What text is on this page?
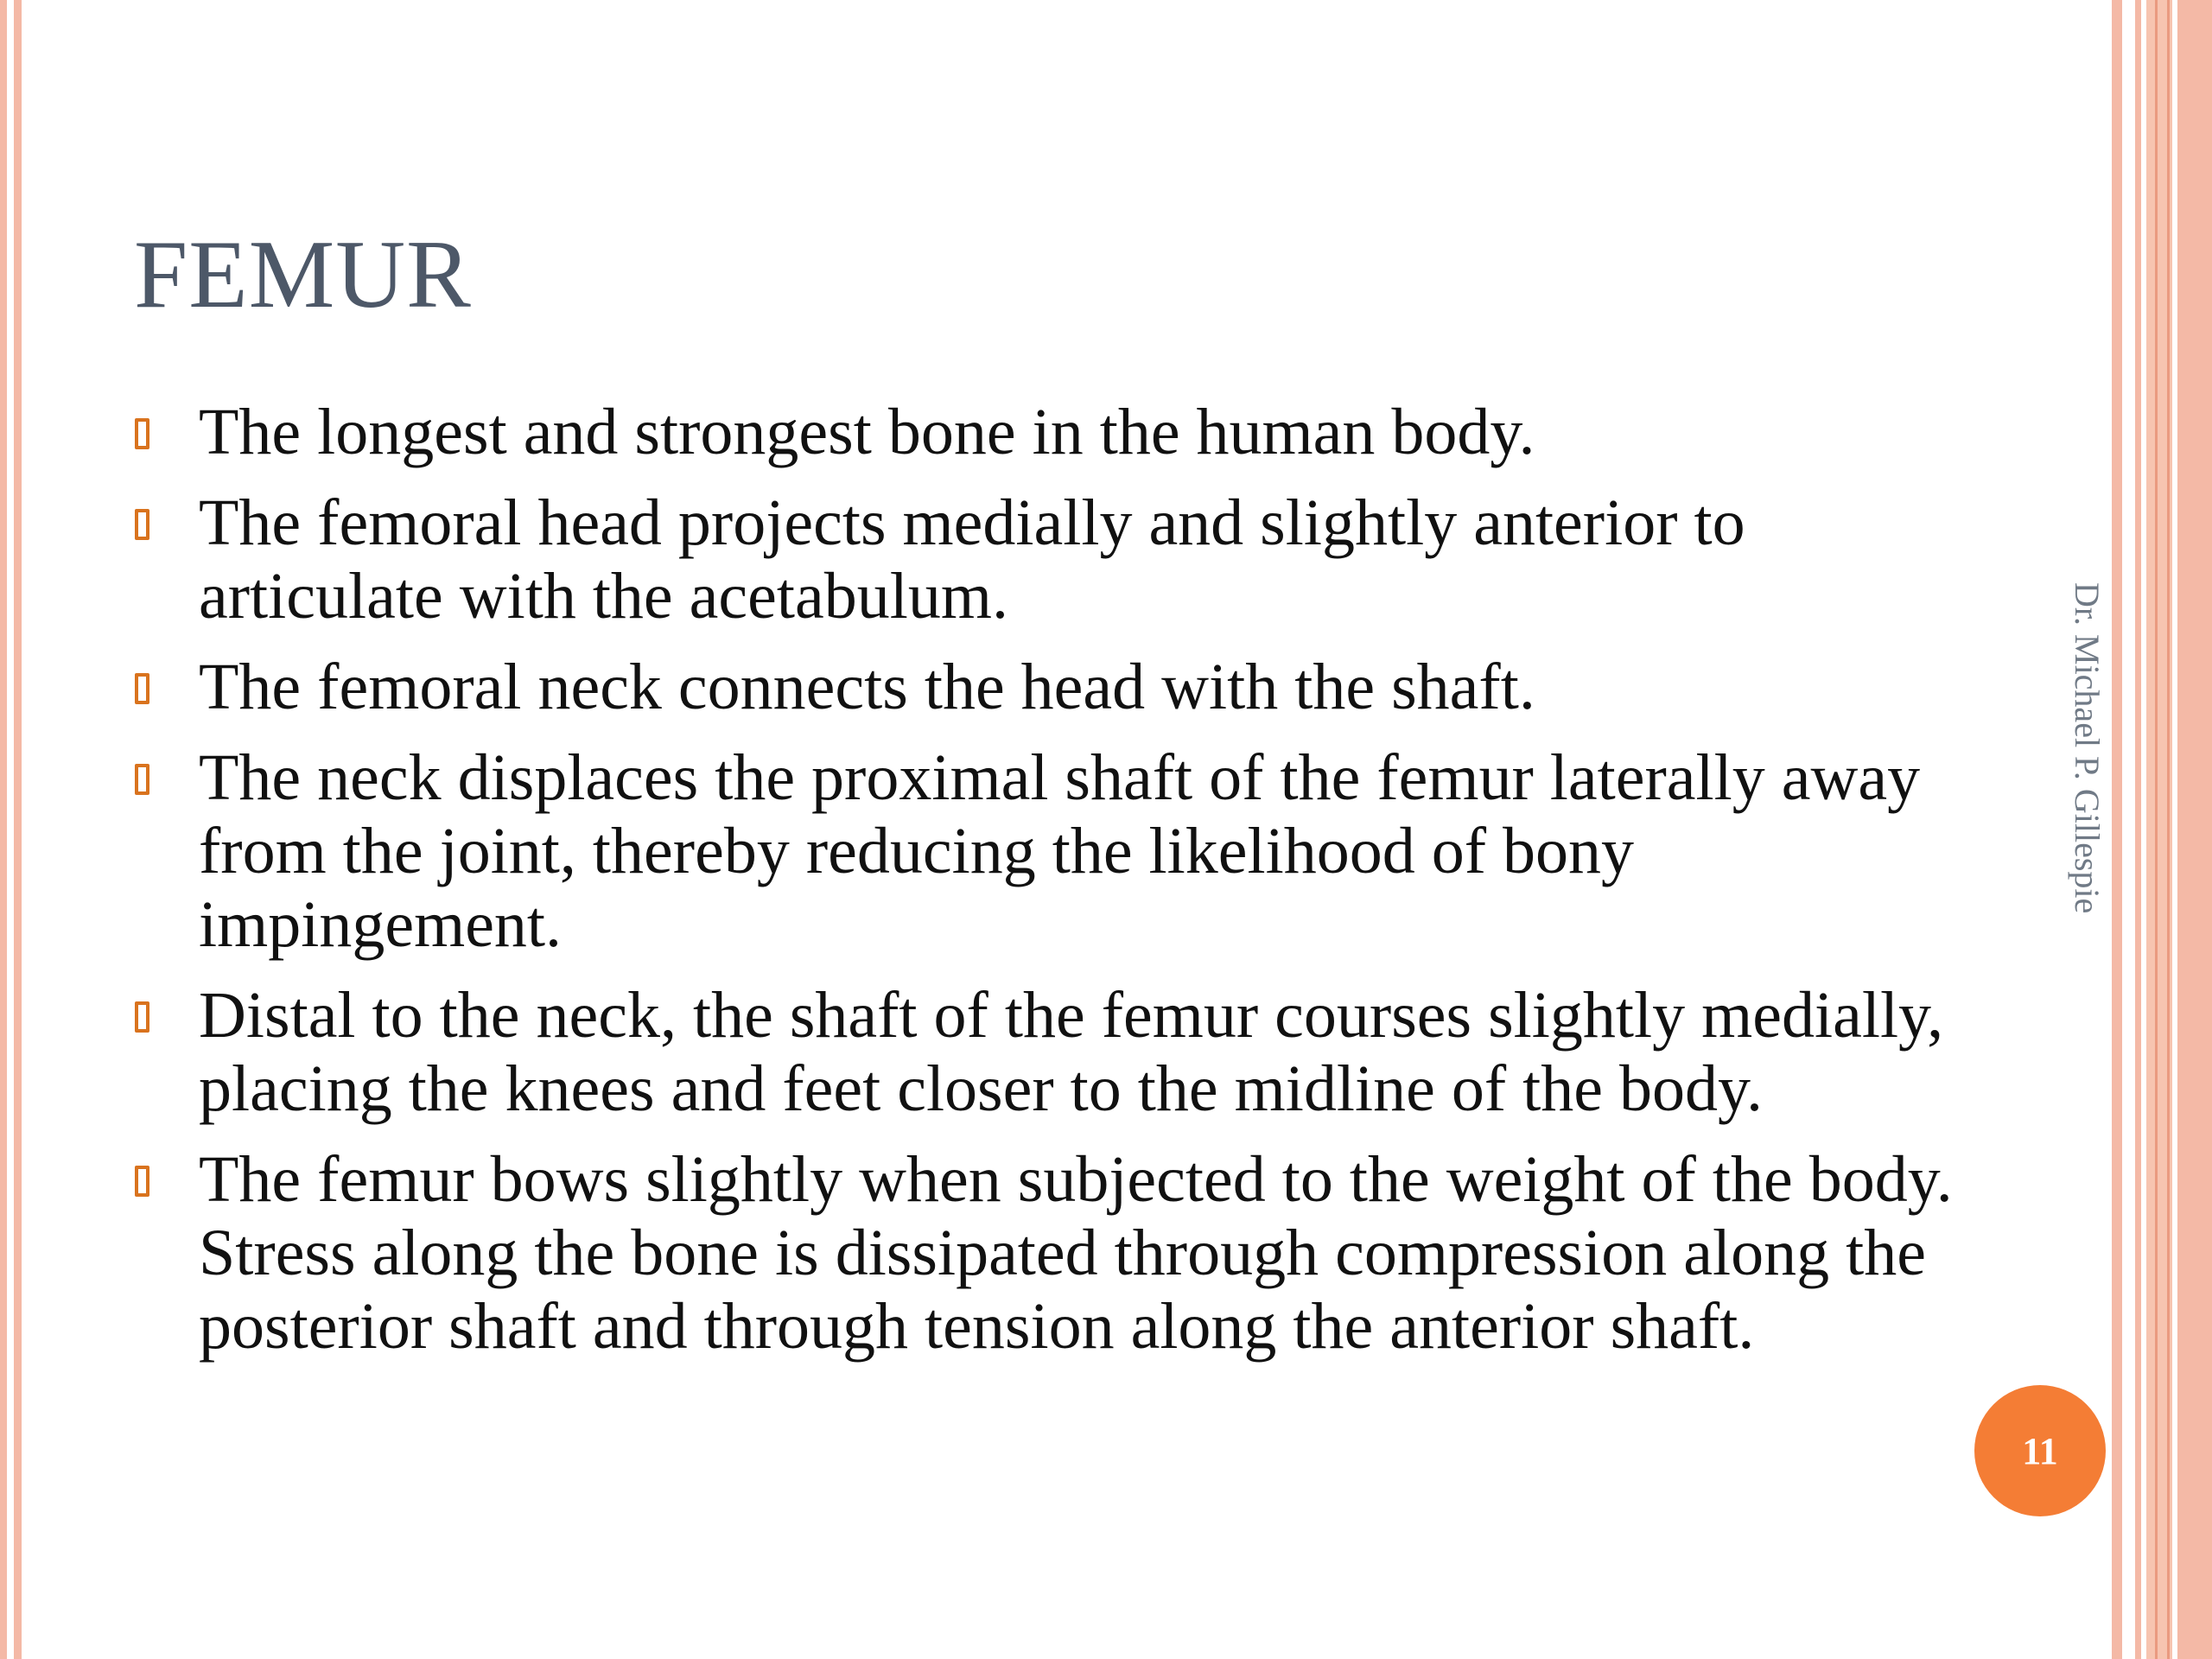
FEMUR
The longest and strongest bone in the human body.
The femoral head projects medially and slightly anterior to articulate with the acetabulum.
The femoral neck connects the head with the shaft.
The neck displaces the proximal shaft of the femur laterally away from the joint, thereby reducing the likelihood of bony impingement.
Distal to the neck, the shaft of the femur courses slightly medially, placing the knees and feet closer to the midline of the body.
The femur bows slightly when subjected to the weight of the body. Stress along the bone is dissipated through compression along the posterior shaft and through tension along the anterior shaft.
Dr. Michael P. Gillespie
11
